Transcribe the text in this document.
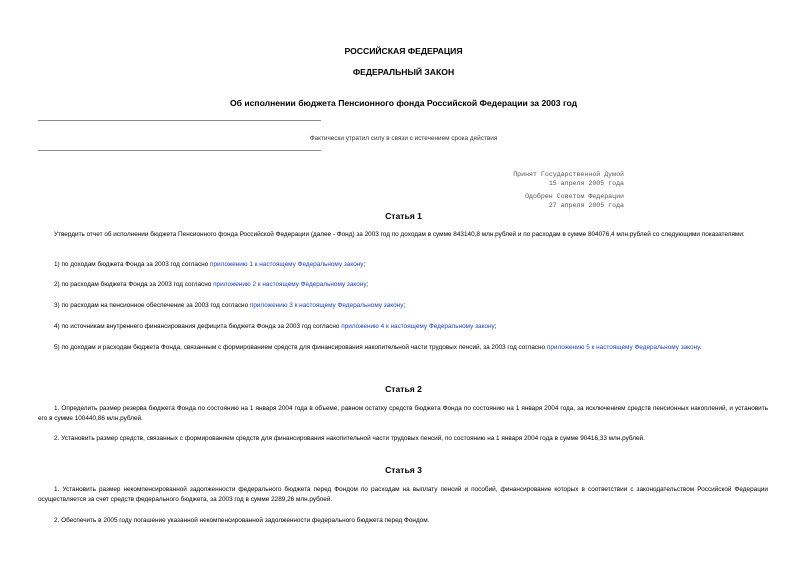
РОССИЙСКАЯ ФЕДЕРАЦИЯ
ФЕДЕРАЛЬНЫЙ ЗАКОН
Об исполнении бюджета Пенсионного фонда Российской Федерации за 2003 год
Фактически утратил силу в связи с истечением срока действия
Принят Государственной Думой
15 апреля 2005 года
Одобрен Советом Федерации
27 апреля 2005 года
Статья 1
Утвердить отчет об исполнении бюджета Пенсионного фонда Российской Федерации (далее - Фонд) за 2003 год по доходам в сумме 843140,8 млн.рублей и по расходам в сумме 804076,4 млн.рублей со следующими показателями:
1) по доходам бюджета Фонда за 2003 год согласно приложению 1 к настоящему Федеральному закону;
2) по расходам бюджета Фонда за 2003 год согласно приложению 2 к настоящему Федеральному закону;
3) по расходам на пенсионное обеспечение за 2003 год согласно приложению 3 к настоящему Федеральному закону;
4) по источникам внутреннего финансирования дефицита бюджета Фонда за 2003 год согласно приложению 4 к настоящему Федеральному закону;
5) по доходам и расходам бюджета Фонда, связанным с формированием средств для финансирования накопительной части трудовых пенсий, за 2003 год согласно приложению 5 к настоящему Федеральному закону.
Статья 2
1. Определить размер резерва бюджета Фонда по состоянию на 1 января 2004 года в объеме, равном остатку средств бюджета Фонда по состоянию на 1 января 2004 года, за исключением средств пенсионных накоплений, и установить его в сумме 100440,86 млн.рублей.
2. Установить размер средств, связанных с формированием средств для финансирования накопительной части трудовых пенсий, по состоянию на 1 января 2004 года в сумме 90416,33 млн.рублей.
Статья 3
1. Установить размер некомпенсированной задолженности федерального бюджета перед Фондом по расходам на выплату пенсий и пособий, финансирование которых в соответствии с законодательством Российской Федерации осуществляется за счет средств федерального бюджета, за 2003 год в сумме 2289,26 млн.рублей.
2. Обеспечить в 2005 году погашение указанной некомпенсированной задолженности федерального бюджета перед Фондом.
